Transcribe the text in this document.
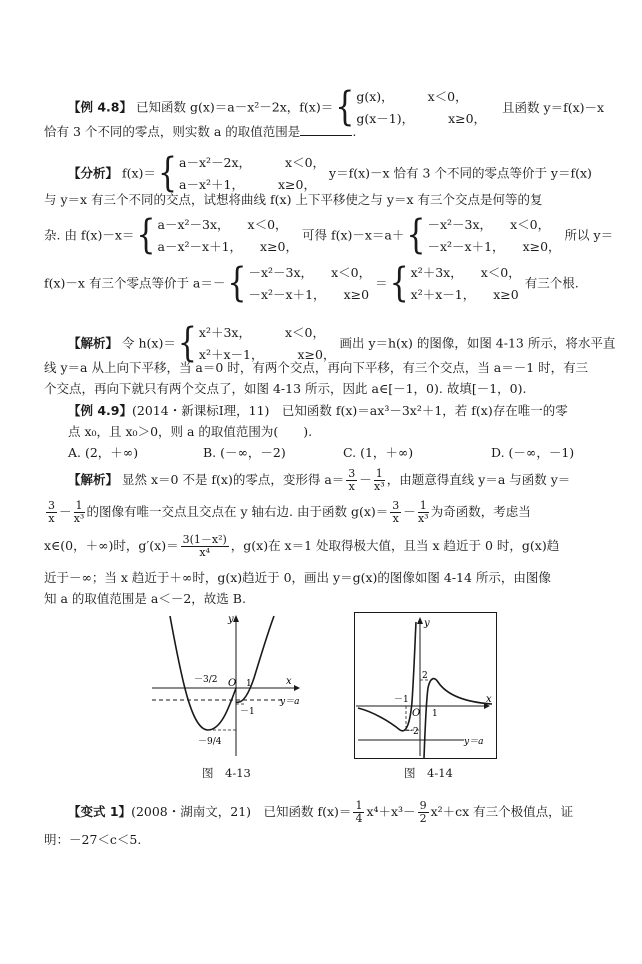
【例 4.8】 已知函数 g(x)＝a－x²－2x，f(x)＝{ g(x)，	x＜0，
g(x－1)，	x≥0，
且函数 y＝f(x)－x
恰有 3 个不同的零点，则实数 a 的取值范围是	.
【分析】 f(x)＝{ a－x²－2x，	x＜0，
a－x²＋1，	x≥0，
y＝f(x)－x 恰有 3 个不同的零点等价于 y＝f(x)
与 y＝x 有三个不同的交点，试想将曲线 f(x) 上下平移使之与 y＝x 有三个交点是何等的复
杂. 由 f(x)－x＝{ a－x²－3x， x＜0，
a－x²－x＋1， x≥0，
可得 f(x)－x＝a＋{ －x²－3x， x＜0，
－x²－x＋1， x≥0，
所以 y＝
f(x)－x 有三个零点等价于 a＝－{ －x²－3x， x＜0，
－x²－x＋1， x≥0
＝{ x²＋3x， x＜0，
x²＋x－1， x≥0
有三个根.
【解析】 令 h(x)＝{ x²＋3x，	x＜0，
x²＋x－1，	x≥0，
画出 y＝h(x) 的图像，如图 4-13 所示，将水平直
线 y＝a 从上向下平移，当 a＝0 时，有两个交点，再向下平移，有三个交点，当 a＝－1 时，有三
个交点，再向下就只有两个交点了，如图 4-13 所示，因此 a∈[－1，0). 故填[－1，0).
【例 4.9】(2014・新课标Ⅰ理，11)　已知函数 f(x)＝ax³－3x²＋1，若 f(x)存在唯一的零
点 x₀，且 x₀＞0，则 a 的取值范围为(　　).
A. (2，＋∞)	B. (－∞，－2)	C. (1，＋∞)	D. (－∞，－1)
【解析】 显然 x＝0 不是 f(x)的零点，变形得 $a= \frac{3}{x} - \frac{1}{\text{x³}}$ ，由题意得直线 y＝a 与函数 y＝
$\frac{3}{x} - \frac{1}{\text{x³}}$ 的图像有唯一交点且交点在 y 轴右边. 由于函数 $g(x)= \frac{3}{x} - \frac{1}{\text{x³}}$ 为奇函数，考虑当
x∈(0，＋∞)时，$g'(x)= \frac{\text{3(1－x²)}}{\text{x⁴}}$ ，g(x)在 x＝1 处取得极大值，且当 x 趋近于 0 时，g(x)趋
近于－∞；当 x 趋近于＋∞时，g(x)趋近于 0，画出 y＝g(x)的图像如图 4-14 所示，由图像
知 a 的取值范围是 a＜－2，故选 B.
y
x
O 1
－3/2
－1
－9/4
y＝a
图　4-13
y
x
O
2
1
－1
－2
y＝a
图　4-14
【变式 1】(2008・湖南文，21)　已知函数 $f(x)= \frac{1}{4} x^4+x^3- \frac{9}{2} x^2+cx$ 有三个极值点，证
明：－27＜c＜5.
